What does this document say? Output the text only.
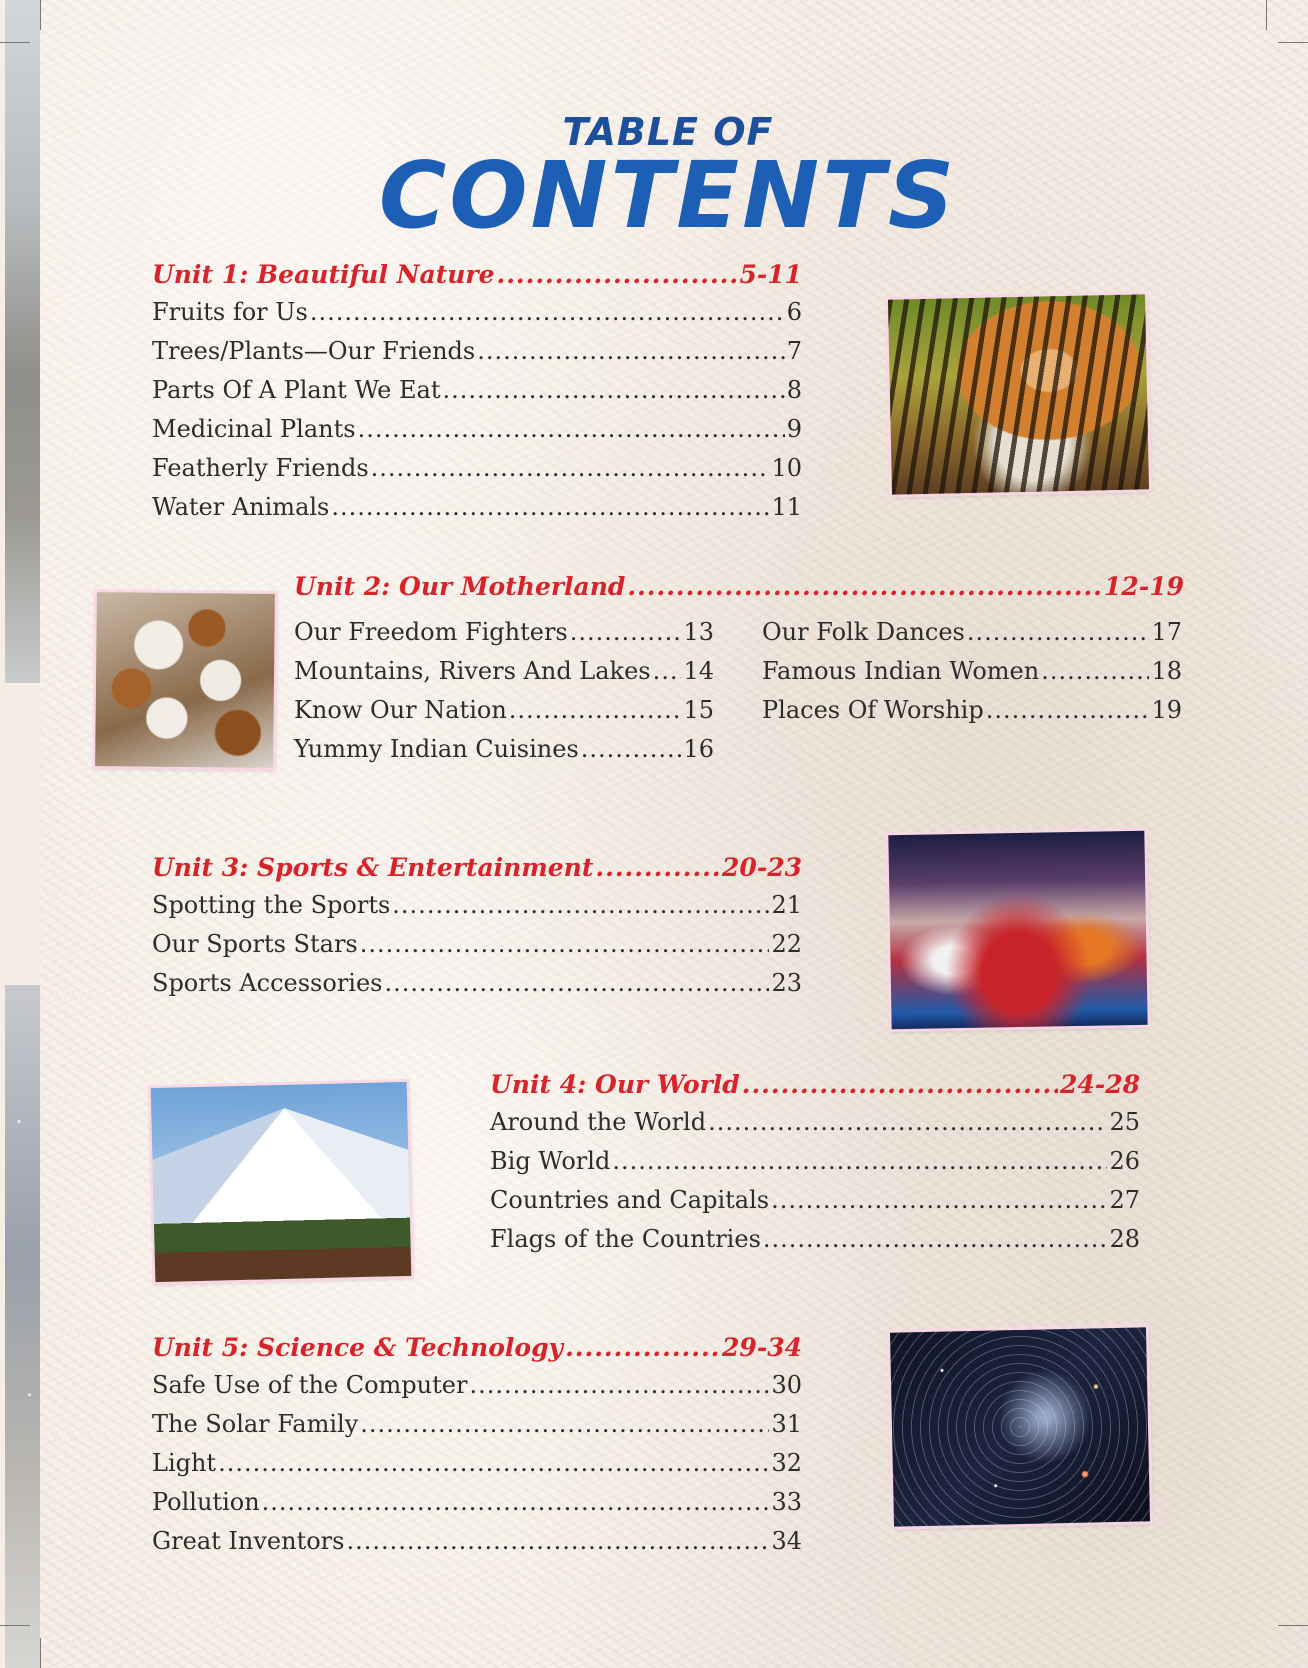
TABLE OF
CONTENTS
Unit 1: Beautiful Nature .....	5-11
Fruits for Us .....	6
Trees/Plants—Our Friends .....	7
Parts Of A Plant We Eat .....	8
Medicinal Plants .....	9
Featherly Friends .....	10
Water Animals .....	11
Unit 2: Our Motherland .....	12-19
Our Freedom Fighters .....	13
Mountains, Rivers And Lakes ..... 14
Know Our Nation .....	15
Yummy Indian Cuisines .....	16
Our Folk Dances .....	17
Famous Indian Women .....	18
Places Of Worship .....	19
Unit 3: Sports & Entertainment .....	20-23
Spotting the Sports .....	21
Our Sports Stars .....	22
Sports Accessories .....	23
Unit 4: Our World .....	24-28
Around the World .....	25
Big World .....	26
Countries and Capitals .....	27
Flags of the Countries .....	28
Unit 5: Science & Technology .....	29-34
Safe Use of the Computer .....	30
The Solar Family .....	31
Light .....	32
Pollution .....	33
Great Inventors .....	34
